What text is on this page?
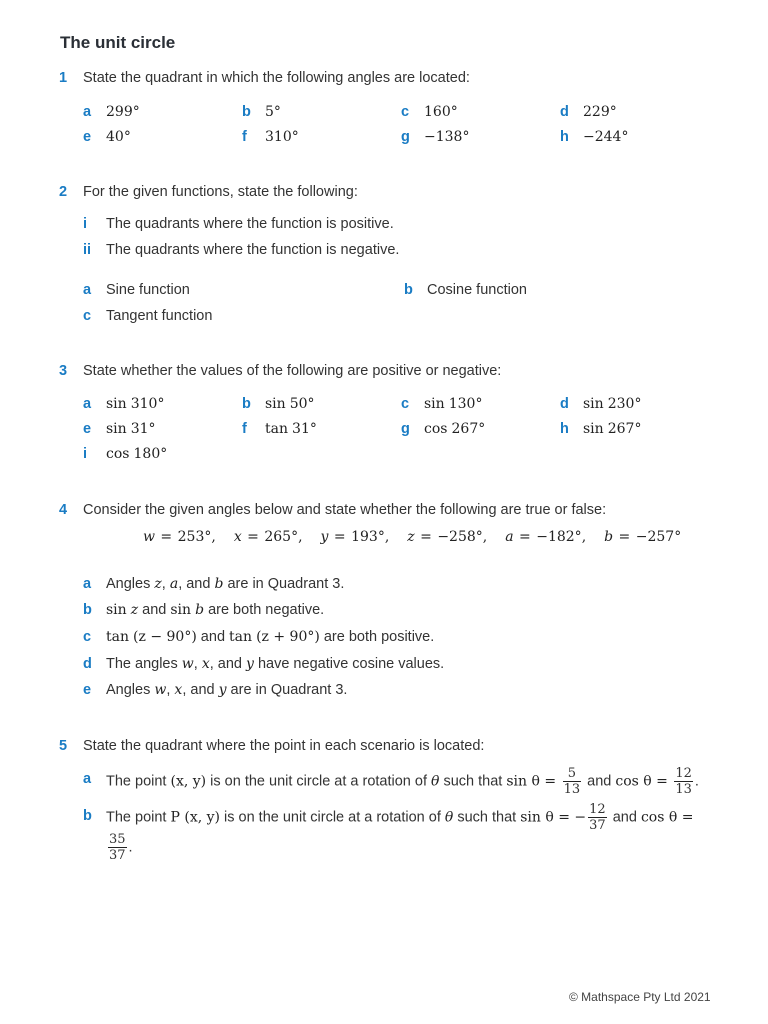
The unit circle
1 State the quadrant in which the following angles are located:
a 299°	b 5°	c 160°	d 229°
e 40°	f 310°	g −138°	h −244°
2 For the given functions, state the following:
i The quadrants where the function is positive.
ii The quadrants where the function is negative.
a Sine function	b Cosine function
c Tangent function
3 State whether the values of the following are positive or negative:
a sin 310°	b sin 50°	c sin 130°	d sin 230°
e sin 31°	f tan 31°	g cos 267°	h sin 267°
i cos 180°
4 Consider the given angles below and state whether the following are true or false:
w = 253°, x = 265°, y = 193°, z = −258°, a = −182°, b = −257°
a Angles z, a, and b are in Quadrant 3.
b sin z and sin b are both negative.
c tan (z − 90°) and tan (z + 90°) are both positive.
d The angles w, x, and y have negative cosine values.
e Angles w, x, and y are in Quadrant 3.
5 State the quadrant where the point in each scenario is located:
a The point (x, y) is on the unit circle at a rotation of θ such that $\sin \theta = \frac{5}{13}$ and $\cos \theta = \frac{12}{13}$ .
b The point P (x, y) is on the unit circle at a rotation of θ such that sin θ = − $\frac{12}{37}$ and cos θ =
$\frac{35}{37}$ .
© Mathspace Pty Ltd 2021
